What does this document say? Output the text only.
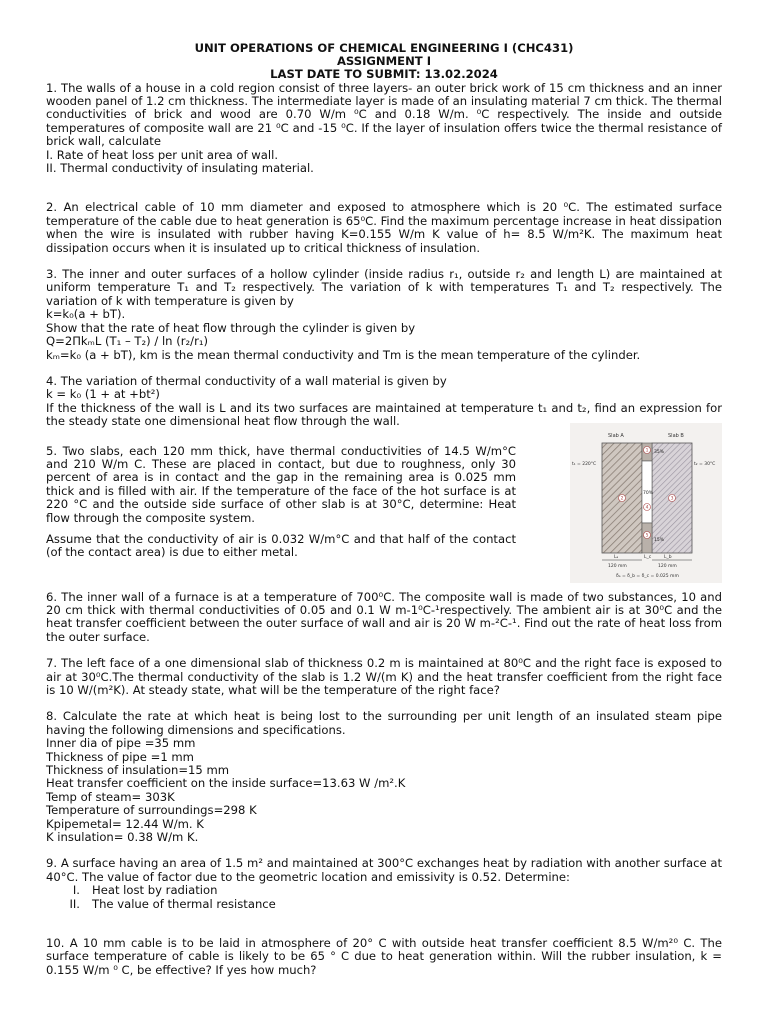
UNIT OPERATIONS OF CHEMICAL ENGINEERING I (CHC431)
ASSIGNMENT I
LAST DATE TO SUBMIT: 13.02.2024
1. The walls of a house in a cold region consist of three layers- an outer brick work of 15 cm thickness and an inner wooden panel of 1.2 cm thickness. The intermediate layer is made of an insulating material 7 cm thick. The thermal conductivities of brick and wood are 0.70 W/m ⁰C and 0.18 W/m. ⁰C respectively. The inside and outside temperatures of composite wall are 21 ⁰C and -15 ⁰C. If the layer of insulation offers twice the thermal resistance of brick wall, calculate
I. Rate of heat loss per unit area of wall.
II. Thermal conductivity of insulating material.
2. An electrical cable of 10 mm diameter and exposed to atmosphere which is 20 ⁰C. The estimated surface temperature of the cable due to heat generation is 65⁰C. Find the maximum percentage increase in heat dissipation when the wire is insulated with rubber having K=0.155 W/m K value of h= 8.5 W/m²K. The maximum heat dissipation occurs when it is insulated up to critical thickness of insulation.
3. The inner and outer surfaces of a hollow cylinder (inside radius r₁, outside r₂ and length L) are maintained at uniform temperature T₁ and T₂ respectively. The variation of k with temperatures T₁ and T₂ respectively. The variation of k with temperature is given by
k=k₀(a + bT).
Show that the rate of heat flow through the cylinder is given by
Q=2ΠkₘL (T₁ – T₂) / ln (r₂/r₁)
kₘ=k₀ (a + bT), km is the mean thermal conductivity and Tm is the mean temperature of the cylinder.
4. The variation of thermal conductivity of a wall material is given by
k = k₀ (1 + at +bt²)
If the thickness of the wall is L and its two surfaces are maintained at temperature t₁ and t₂, find an expression for the steady state one dimensional heat flow through the wall.
5. Two slabs, each 120 mm thick, have thermal conductivities of 14.5 W/m°C and 210 W/m C. These are placed in contact, but due to roughness, only 30 percent of area is in contact and the gap in the remaining area is 0.025 mm thick and is filled with air. If the temperature of the face of the hot surface is at 220 °C and the outside side surface of other slab is at 30°C, determine: Heat flow through the composite system.
Assume that the conductivity of air is 0.032 W/m°C and that half of the contact (of the contact area) is due to either metal.
Slab A	Slab B
t₁ = 220°C	t₂ = 30°C
35%
70%
15%
1
2	3
4
5
Lₐ	L_b
L_c
120 mm	120 mm
δₐ = δ_b = δ_c = 0.025 mm
6. The inner wall of a furnace is at a temperature of 700⁰C. The composite wall is made of two substances, 10 and 20 cm thick with thermal conductivities of 0.05 and 0.1 W m-1⁰C-¹respectively. The ambient air is at 30⁰C and the heat transfer coefficient between the outer surface of wall and air is 20 W m-²C-¹. Find out the rate of heat loss from the outer surface.
7. The left face of a one dimensional slab of thickness 0.2 m is maintained at 80⁰C and the right face is exposed to air at 30⁰C.The thermal conductivity of the slab is 1.2 W/(m K) and the heat transfer coefficient from the right face is 10 W/(m²K). At steady state, what will be the temperature of the right face?
8. Calculate the rate at which heat is being lost to the surrounding per unit length of an insulated steam pipe having the following dimensions and specifications.
Inner dia of pipe =35 mm
Thickness of pipe =1 mm
Thickness of insulation=15 mm
Heat transfer coefficient on the inside surface=13.63 W /m².K
Temp of steam= 303K
Temperature of surroundings=298 K
Kpipemetal= 12.44 W/m. K
K insulation= 0.38 W/m K.
9. A surface having an area of 1.5 m² and maintained at 300°C exchanges heat by radiation with another surface at 40°C. The value of factor due to the geometric location and emissivity is 0.52. Determine:
I.	Heat lost by radiation
II.	The value of thermal resistance
10. A 10 mm cable is to be laid in atmosphere of 20° C with outside heat transfer coefficient 8.5 W/m²⁰ C. The surface temperature of cable is likely to be 65 ° C due to heat generation within. Will the rubber insulation, k = 0.155 W/m ⁰ C, be effective? If yes how much?
